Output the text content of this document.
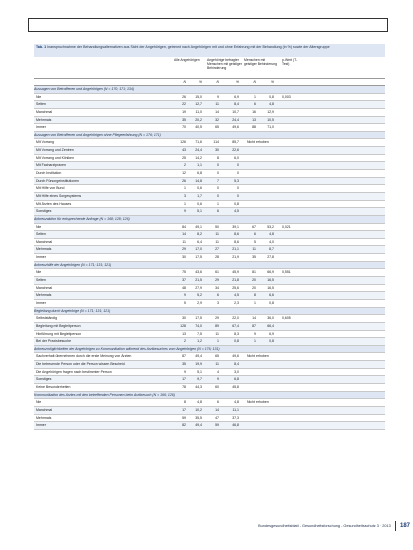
Tab. 1 Inanspruchnahme der Behandlungsalternativen aus Sicht der Angehörigen, getrennt nach Angehörigen mit und ohne Erfahrung mit der Behandlung (in %) sowie der Altersgruppe
Alle Angehörigen	Angehörige befragter Menschen mit geistiger Behinderung
Menschen mit geistiger Behinderung
p-Wert (T-Test)
N	%	N	%	N	%
Aussagen von Betroffenen und Angehörigen (N = 170; 171; 134)
Nie	26	15,0	9	6,9	1	0,8	0,003
Selten	22	12,7	11	8,4	6	4,8
Manchmal	19	11,0	14	10,7	16	12,9
Mehrmals	35	20,2	32	24,4	13	10,5
Immer	70	40,5	65	49,6	88	71,0
Aussagen von Betroffenen und Angehörigen ohne Pflegeerfahrung (N = 176; 171)
Mit Vorrang	126	71,6	114	85,7	Nicht erhoben
Mit Vorrang und Zentren	43	24,4	30	22,6
Mit Vorrang und Kliniken	25	14,2	8	6,0
Mit Facharztpraxen	2	1,1	0	0
Durch Institution	12	6,8	0	0
Durch Fürsorgeinstitutionen	26	14,8	7	5,3
Mit Hilfe von Bund	1	0,6	0	0
Mit Hilfe eines Sorgesystems	3	1,7	0	0
Mit Ärzten des Hauses	1	0,6	1	0,8
Sonstiges	9	5,1	6	4,5
Ankreuzaktion für entsprechende Anfrage (N = 168; 128; 126)
Nie	84	49,1	50	39,1	67	53,2	0,021
Selten	14	8,2	11	8,6	6	4,8
Manchmal	11	6,4	11	8,6	5	4,0
Mehrmals	29	17,0	27	21,1	11	8,7
Immer	30	17,5	28	21,9	35	27,8
Ankreuzhilfe der Angehörigen (N = 171; 131; 121)
Nie	75	43,6	61	45,9	81	66,9	0,551
Selten	37	21,5	29	21,8	20	16,5
Manchmal	48	27,9	34	25,6	20	16,5
Mehrmals	9	5,2	6	4,5	8	6,6
Immer	5	2,9	3	2,3	1	0,8
Begleitung durch Angehörige (N = 171; 131; 121)
Selbstständig	30	17,5	29	22,0	14	36,0	0,605
Begleitung mit Begleitperson	128	74,0	89	67,4	87	66,4
Hinführung mit Begleitperson	13	7,5	11	8,3	9	6,9
Bei der Praxisbesuche	2	1,2	1	0,8	1	0,8
Ankreuzmöglichkeiten der Angehörigen zu Kommunikation während des Arztbesuches vom Angehörigen (N = 176; 131)
Sachverhalt übernehmen durch die erste Meinung von Ärzten	87	49,4	65	49,6	Nicht erhoben
Die betreuende Person oder die Person wissen Bescheid	35	19,9	11	8,4
Die Angehörigen fragen nach bestimmter Person	9	5,1	4	3,0
Sonstiges	17	9,7	9	6,8
Keine Besonderheiten	78	44,3	60	45,8
Kommunikation des Arztes mit den betreffenden Personen beim Arztbesuch (N = 166; 126)
Nie	8	4,8	6	4,8	Nicht erhoben
Manchmal	17	10,2	14	11,1
Mehrmals	59	35,5	47	37,3
Immer	82	49,4	59	46,8
Bundesgesundheitsblatt - Gesundheitsforschung - Gesundheitsschutz 3 · 2013 187
